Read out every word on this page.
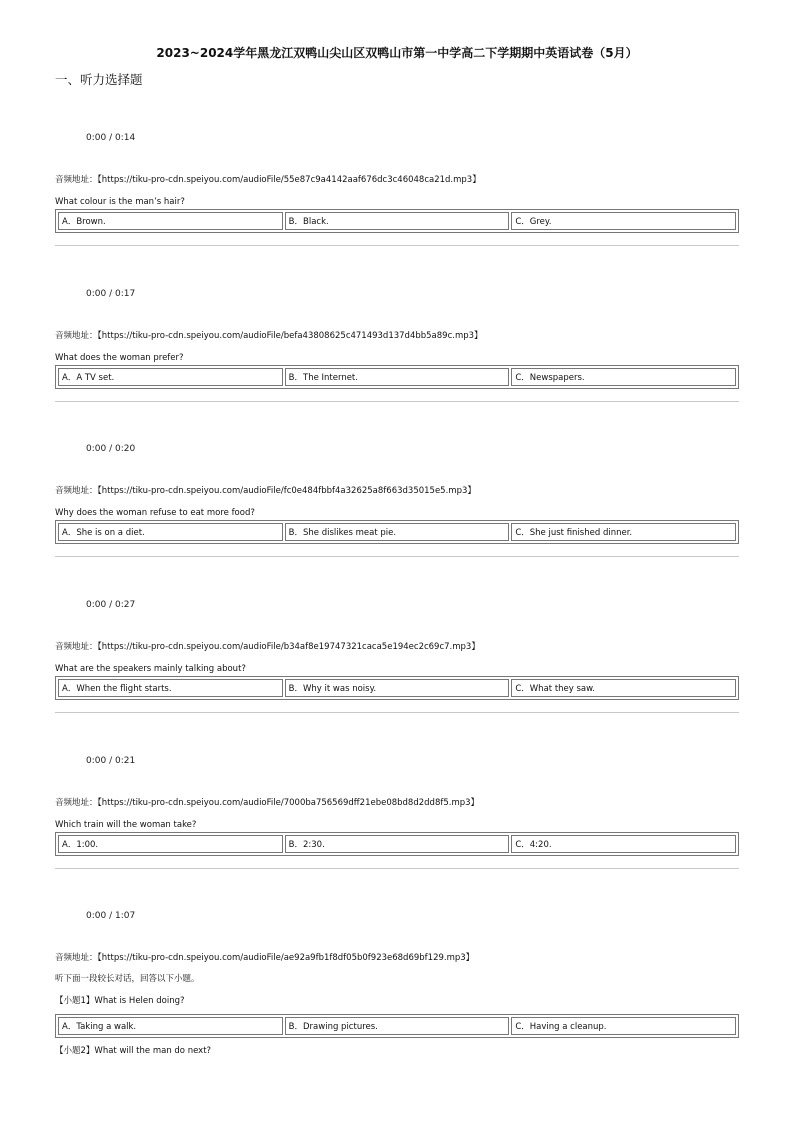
2023~2024学年黑龙江双鸭山尖山区双鸭山市第一中学高二下学期期中英语试卷（5月）
一、听力选择题
0:00 / 0:14
音频地址：【https://tiku-pro-cdn.speiyou.com/audioFile/55e87c9a4142aaf676dc3c46048ca21d.mp3】
What colour is the man’s hair?
A．Brown.	B．Black.	C．Grey.
0:00 / 0:17
音频地址：【https://tiku-pro-cdn.speiyou.com/audioFile/befa43808625c471493d137d4bb5a89c.mp3】
What does the woman prefer?
A．A TV set.	B．The Internet.	C．Newspapers.
0:00 / 0:20
音频地址：【https://tiku-pro-cdn.speiyou.com/audioFile/fc0e484fbbf4a32625a8f663d35015e5.mp3】
Why does the woman refuse to eat more food?
A．She is on a diet.	B．She dislikes meat pie.	C．She just finished dinner.
0:00 / 0:27
音频地址：【https://tiku-pro-cdn.speiyou.com/audioFile/b34af8e19747321caca5e194ec2c69c7.mp3】
What are the speakers mainly talking about?
A．When the flight starts.	B．Why it was noisy.	C．What they saw.
0:00 / 0:21
音频地址：【https://tiku-pro-cdn.speiyou.com/audioFile/7000ba756569dff21ebe08bd8d2dd8f5.mp3】
Which train will the woman take?
A．1:00.	B．2:30.	C．4:20.
0:00 / 1:07
音频地址：【https://tiku-pro-cdn.speiyou.com/audioFile/ae92a9fb1f8df05b0f923e68d69bf129.mp3】
听下面一段较长对话，回答以下小题。
【小题1】What is Helen doing?
A．Taking a walk.	B．Drawing pictures.	C．Having a cleanup.
【小题2】What will the man do next?
